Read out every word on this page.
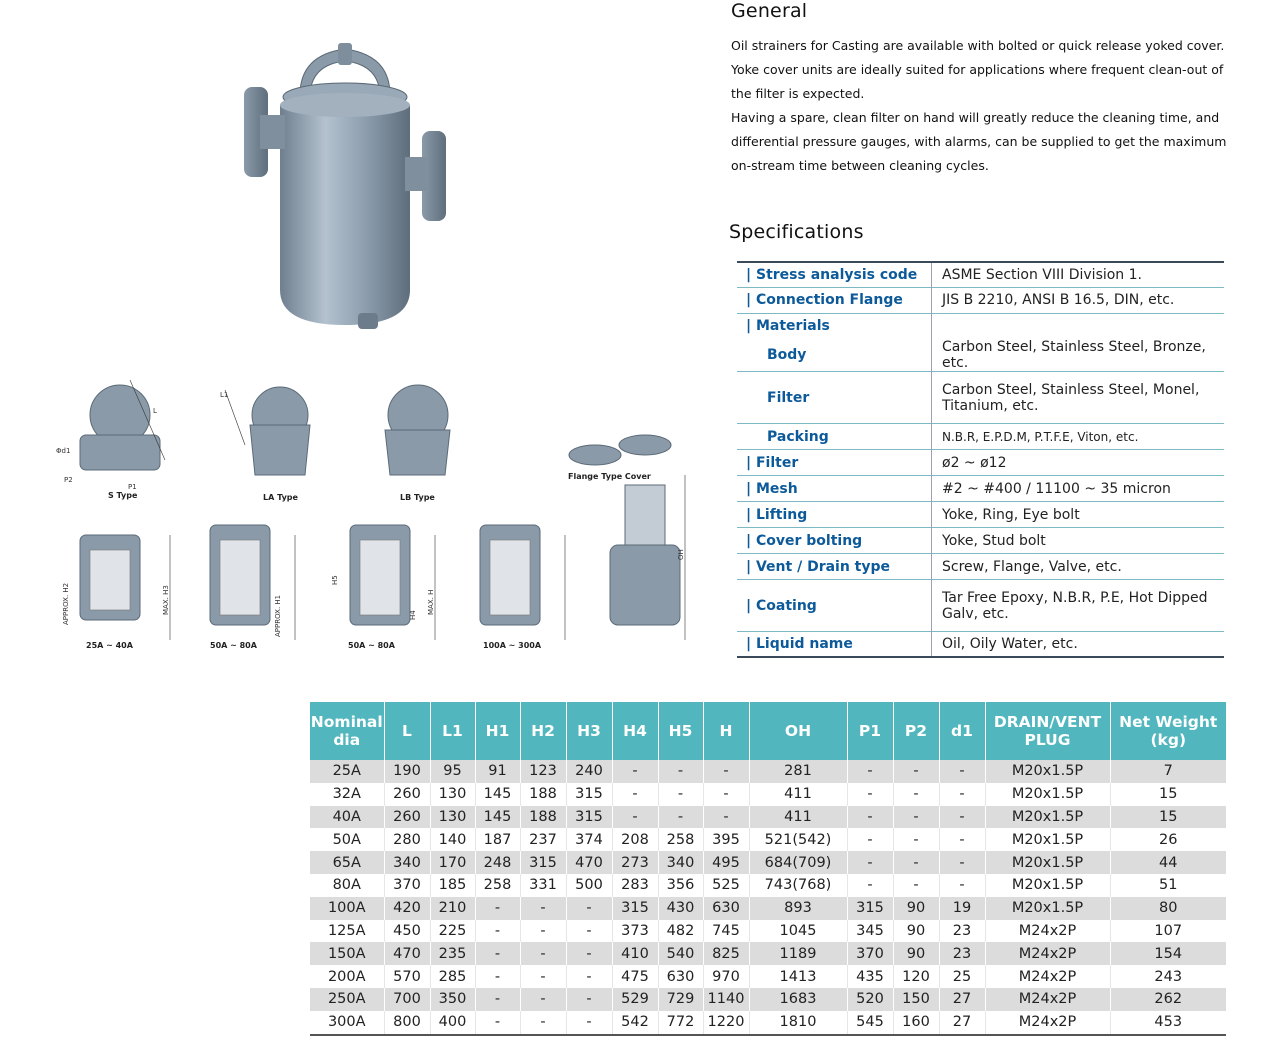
S Type	LA Type	LB Type
Flange Type Cover
25A ~ 40A	50A ~ 80A	50A ~ 80A	100A ~ 300A
L
L1
Φd1
P1
P2
APPROX. H2	APPROX. H1
MAX. H3
H5
H4
MAX. H
OH
General

Oil strainers for Casting are available with bolted or quick release yoked cover. Yoke cover units are ideally suited for applications where frequent clean-out of the filter is expected.

Having a spare, clean filter on hand will greatly reduce the cleaning time, and differential pressure gauges, with alarms, can be supplied to get the maximum on-stream time between cleaning cycles.

Specifications
| Stress analysis code	ASME Section VIII Division 1.
| Connection Flange	JIS B 2210, ANSI B 16.5, DIN, etc.
| Materials	
Body	Carbon Steel, Stainless Steel, Bronze, etc.
Filter	Carbon Steel, Stainless Steel, Monel, Titanium, etc.
Packing	N.B.R, E.P.D.M, P.T.F.E, Viton, etc.
| Filter	ø2 ~ ø12
| Mesh	#2 ~ #400 / 11100 ~ 35 micron
| Lifting	Yoke, Ring, Eye bolt
| Cover bolting	Yoke, Stud bolt
| Vent / Drain type	Screw, Flange, Valve, etc.
| Coating	Tar Free Epoxy, N.B.R, P.E, Hot Dipped Galv, etc.
| Liquid name	Oil, Oily Water, etc.
Nominal dia	L	L1	H1	H2	H3	H4	H5	H	OH	P1	P2	d1	DRAIN/VENT PLUG	Net Weight (kg)
25A	190	95	91	123	240	-	-	-	281	-	-	-	M20x1.5P	7
32A	260	130	145	188	315	-	-	-	411	-	-	-	M20x1.5P	15
40A	260	130	145	188	315	-	-	-	411	-	-	-	M20x1.5P	15
50A	280	140	187	237	374	208	258	395	521(542)	-	-	-	M20x1.5P	26
65A	340	170	248	315	470	273	340	495	684(709)	-	-	-	M20x1.5P	44
80A	370	185	258	331	500	283	356	525	743(768)	-	-	-	M20x1.5P	51
100A	420	210	-	-	-	315	430	630	893	315	90	19	M20x1.5P	80
125A	450	225	-	-	-	373	482	745	1045	345	90	23	M24x2P	107
150A	470	235	-	-	-	410	540	825	1189	370	90	23	M24x2P	154
200A	570	285	-	-	-	475	630	970	1413	435	120	25	M24x2P	243
250A	700	350	-	-	-	529	729	1140	1683	520	150	27	M24x2P	262
300A	800	400	-	-	-	542	772	1220	1810	545	160	27	M24x2P	453
